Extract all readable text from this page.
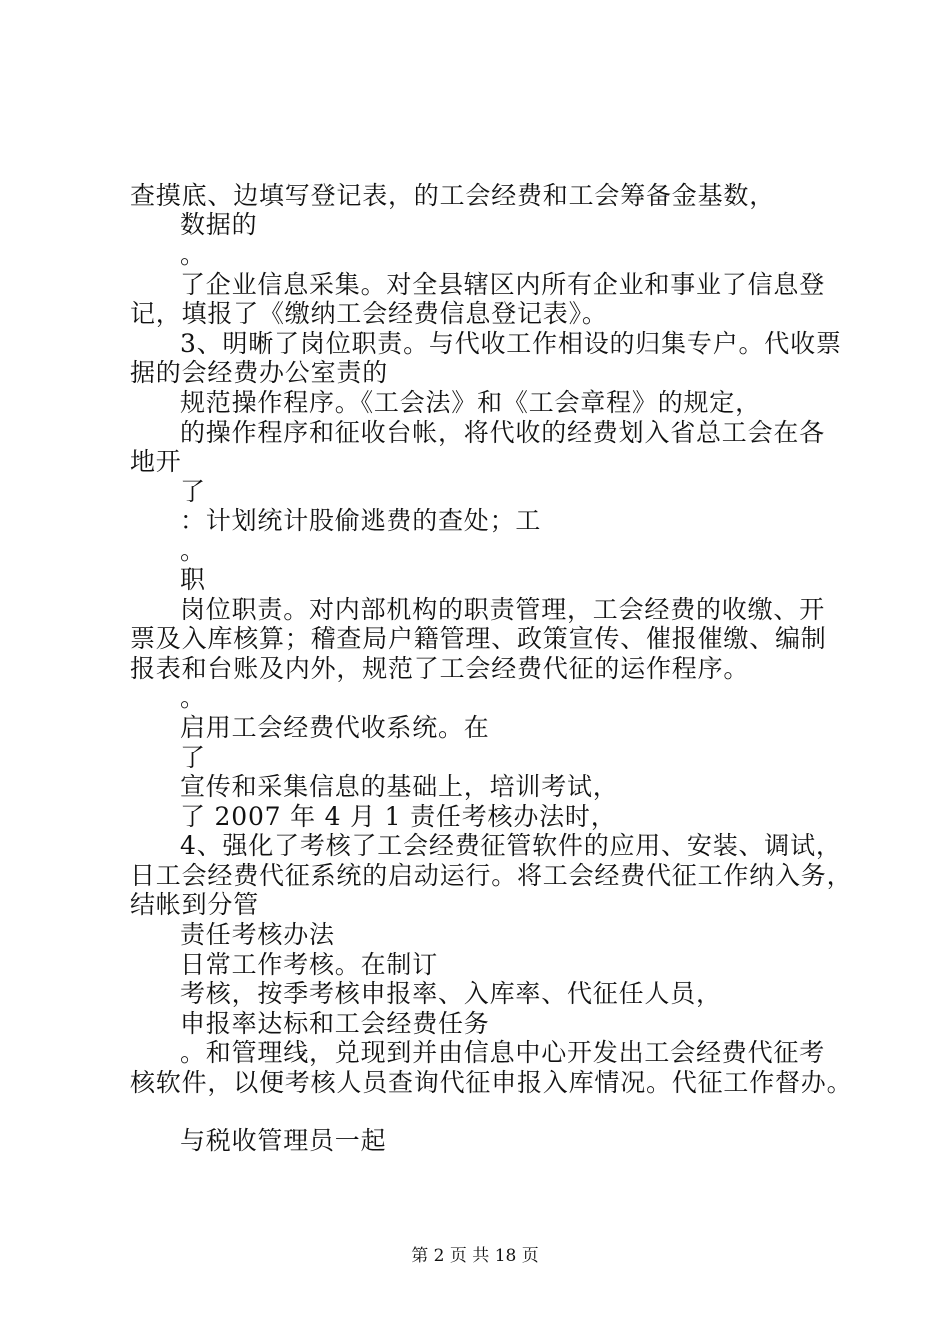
查摸底、边填写登记表，的工会经费和工会筹备金基数，
数据的
。
了企业信息采集。对全县辖区内所有企业和事业了信息登
记，填报了《缴纳工会经费信息登记表》。
3、明晰了岗位职责。与代收工作相设的归集专户。代收票
据的会经费办公室责的
规范操作程序。《工会法》和《工会章程》的规定，
的操作程序和征收台帐，将代收的经费划入省总工会在各
地开
了
：计划统计股偷逃费的查处；工
。
职
岗位职责。对内部机构的职责管理，工会经费的收缴、开
票及入库核算；稽查局户籍管理、政策宣传、催报催缴、编制
报表和台账及内外，规范了工会经费代征的运作程序。
。
启用工会经费代收系统。在
了
宣传和采集信息的基础上，培训考试，
了 2007 年 4 月 1 责任考核办法时，
4、强化了考核了工会经费征管软件的应用、安装、调试，
日工会经费代征系统的启动运行。将工会经费代征工作纳入务，
结帐到分管
责任考核办法
日常工作考核。在制订
考核，按季考核申报率、入库率、代征任人员，
申报率达标和工会经费任务
。和管理线，兑现到并由信息中心开发出工会经费代征考
核软件，以便考核人员查询代征申报入库情况。代征工作督办。
与税收管理员一起
第 2 页 共 18 页
